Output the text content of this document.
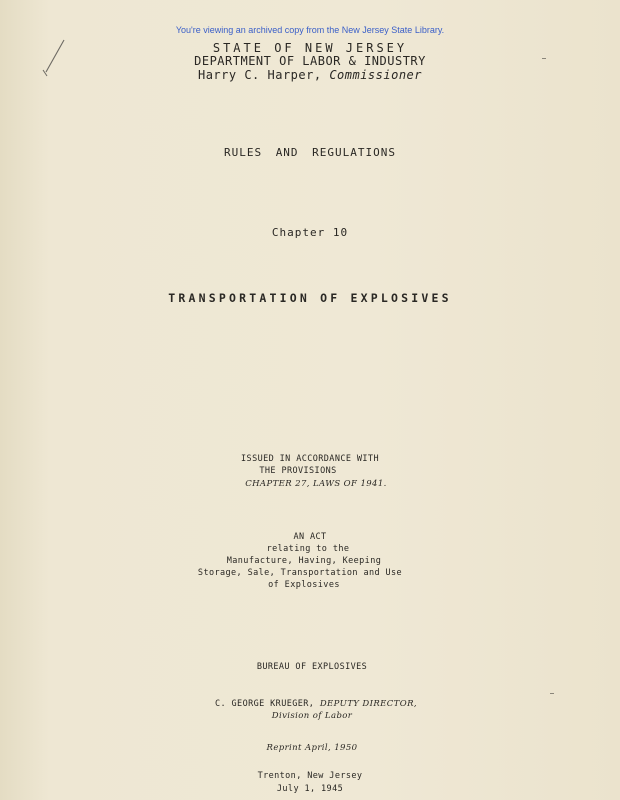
You're viewing an archived copy from the New Jersey State Library.
STATE OF NEW JERSEY
DEPARTMENT OF LABOR & INDUSTRY
Harry C. Harper, Commissioner
RULES AND REGULATIONS
Chapter 10
TRANSPORTATION OF EXPLOSIVES
ISSUED IN ACCORDANCE WITH
THE PROVISIONS
CHAPTER 27, LAWS OF 1941.
AN ACT
relating to the
Manufacture, Having, Keeping
Storage, Sale, Transportation and Use
of Explosives
BUREAU OF EXPLOSIVES
C. GEORGE KRUEGER, DEPUTY DIRECTOR,
Division of Labor
Reprint April, 1950
Trenton, New Jersey
July 1, 1945
